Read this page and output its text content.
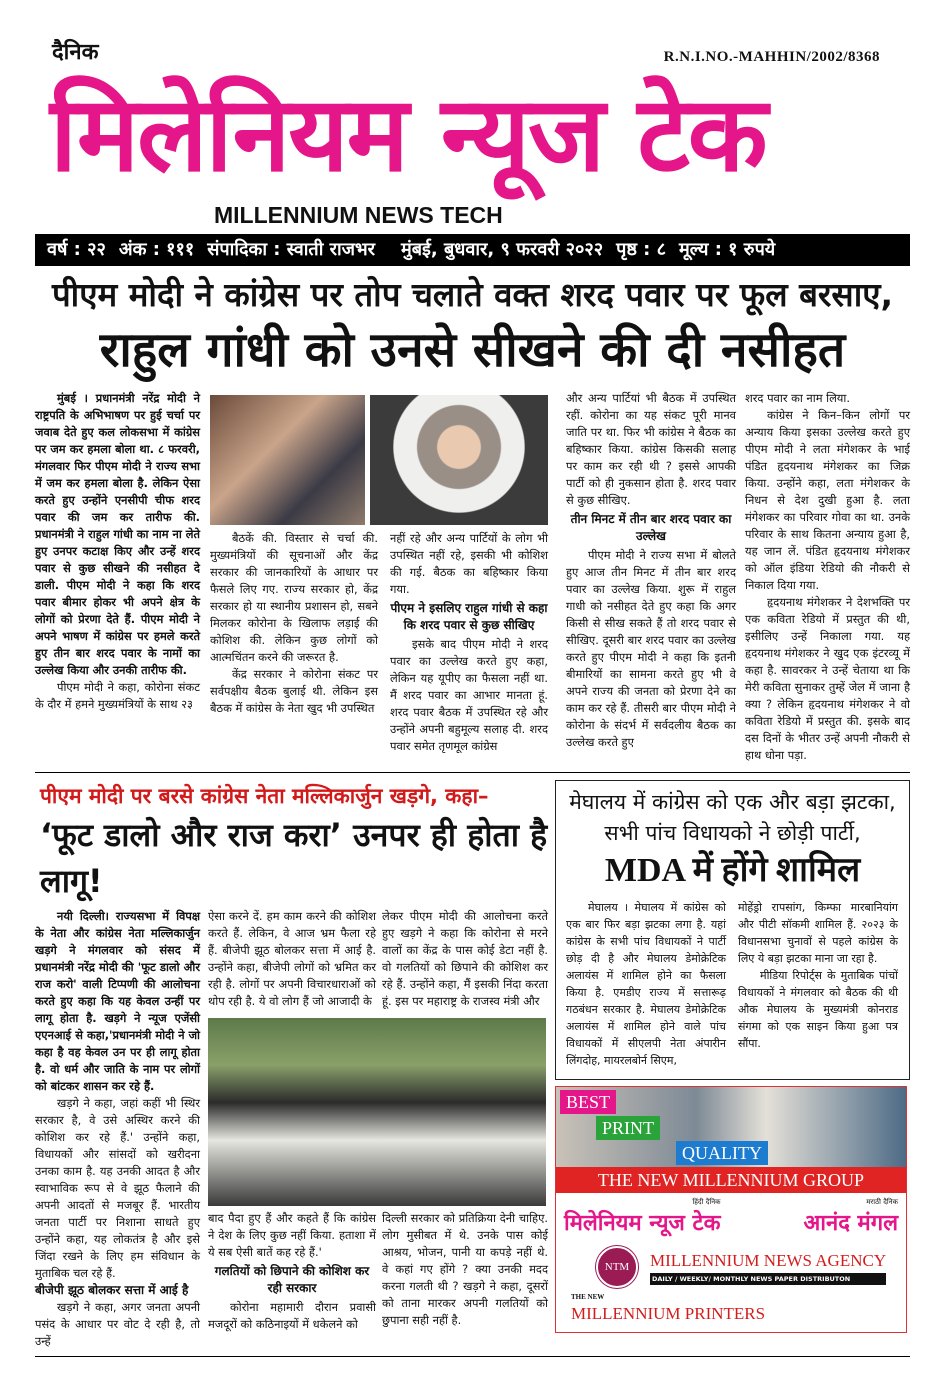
दैनिक	R.N.I.NO.-MAHHIN/2002/8368
मिलेनियम न्यूज टेक
MILLENNIUM NEWS TECH
वर्ष : २२ अंक : १११ संपादिका : स्वाती राजभर मुंबई, बुधवार, ९ फरवरी २०२२ पृष्ठ : ८ मूल्य : १ रुपये
पीएम मोदी ने कांग्रेस पर तोप चलाते वक्त शरद पवार पर फूल बरसाए,
राहुल गांधी को उनसे सीखने की दी नसीहत

मुंबई । प्रधानमंत्री नरेंद्र मोदी ने राष्ट्रपति के अभिभाषण पर हुई चर्चा पर जवाब देते हुए कल लोकसभा में कांग्रेस पर जम कर हमला बोला था. ८ फरवरी, मंगलवार फिर पीएम मोदी ने राज्य सभा में जम कर हमला बोला है. लेकिन ऐसा करते हुए उन्होंने एनसीपी चीफ शरद पवार की जम कर तारीफ की. प्रधानमंत्री ने राहुल गांधी का नाम ना लेते हुए उनपर कटाक्ष किए और उन्हें शरद पवार से कुछ सीखने की नसीहत दे डाली. पीएम मोदी ने कहा कि शरद पवार बीमार होकर भी अपने क्षेत्र के लोगों को प्रेरणा देते हैं. पीएम मोदी ने अपने भाषण में कांग्रेस पर हमले करते हुए तीन बार शरद पवार के नामों का उल्लेख किया और उनकी तारीफ की.

पीएम मोदी ने कहा, कोरोना संकट के दौर में हमने मुख्यमंत्रियों के साथ २३

बैठकें की. विस्तार से चर्चा की. मुख्यमंत्रियों की सूचनाओं और केंद्र सरकार की जानकारियों के आधार पर फैसले लिए गए. राज्य सरकार हो, केंद्र सरकार हो या स्थानीय प्रशासन हो, सबने मिलकर कोरोना के खिलाफ लड़ाई की कोशिश की. लेकिन कुछ लोगों को आत्मचिंतन करने की जरूरत है.

केंद्र सरकार ने कोरोना संकट पर सर्वपक्षीय बैठक बुलाई थी. लेकिन इस बैठक में कांग्रेस के नेता खुद भी उपस्थित

नहीं रहे और अन्य पार्टियों के लोग भी उपस्थित नहीं रहे, इसकी भी कोशिश की गई. बैठक का बहिष्कार किया गया.

पीएम ने इसलिए राहुल गांधी से कहा कि शरद पवार से कुछ सीखिए

इसके बाद पीएम मोदी ने शरद पवार का उल्लेख करते हुए कहा, लेकिन यह यूपीए का फैसला नहीं था. मैं शरद पवार का आभार मानता हूं. शरद पवार बैठक में उपस्थित रहे और उन्होंने अपनी बहुमूल्य सलाह दी. शरद पवार समेत तृणमूल कांग्रेस

और अन्य पार्टियां भी बैठक में उपस्थित रहीं. कोरोना का यह संकट पूरी मानव जाति पर था. फिर भी कांग्रेस ने बैठक का बहिष्कार किया. कांग्रेस किसकी सलाह पर काम कर रही थी ? इससे आपकी पार्टी को ही नुकसान होता है. शरद पवार से कुछ सीखिए.

तीन मिनट में तीन बार शरद पवार का उल्लेख

पीएम मोदी ने राज्य सभा में बोलते हुए आज तीन मिनट में तीन बार शरद पवार का उल्लेख किया. शुरू में राहुल गाधी को नसीहत देते हुए कहा कि अगर किसी से सीख सकते हैं तो शरद पवार से सीखिए. दूसरी बार शरद पवार का उल्लेख करते हुए पीएम मोदी ने कहा कि इतनी बीमारियों का सामना करते हुए भी वे अपने राज्य की जनता को प्रेरणा देने का काम कर रहे हैं. तीसरी बार पीएम मोदी ने कोरोना के संदर्भ में सर्वदलीय बैठक का उल्लेख करते हुए

शरद पवार का नाम लिया.

कांग्रेस ने किन–किन लोगों पर अन्याय किया इसका उल्लेख करते हुए पीएम मोदी ने लता मंगेशकर के भाई पंडित हृदयनाथ मंगेशकर का जिक्र किया. उन्होंने कहा, लता मंगेशकर के निधन से देश दुखी हुआ है. लता मंगेशकर का परिवार गोवा का था. उनके परिवार के साथ कितना अन्याय हुआ है, यह जान लें. पंडित हृदयनाथ मंगेशकर को ऑल इंडिया रेडियो की नौकरी से निकाल दिया गया.

हृदयनाथ मंगेशकर ने देशभक्ति पर एक कविता रेडियो में प्रस्तुत की थी, इसीलिए उन्हें निकाला गया. यह हृदयनाथ मंगेशकर ने खुद एक इंटरव्यू में कहा है. सावरकर ने उन्हें चेताया था कि मेरी कविता सुनाकर तुम्हें जेल में जाना है क्या ? लेकिन हृदयनाथ मंगेशकर ने वो कविता रेडियो में प्रस्तुत की. इसके बाद दस दिनों के भीतर उन्हें अपनी नौकरी से हाथ धोना पड़ा.

पीएम मोदी पर बरसे कांग्रेस नेता मल्लिकार्जुन खड़गे, कहा–
‘फूट डालो और राज करा’ उनपर ही होता है लागू!

नयी दिल्ली। राज्यसभा में विपक्ष के नेता और कांग्रेस नेता मल्लिकार्जुन खड़गे ने मंगलवार को संसद में प्रधानमंत्री नरेंद्र मोदी की 'फूट डालो और राज करो' वाली टिप्पणी की आलोचना करते हुए कहा कि यह केवल उन्हीं पर लागू होता है. खड़गे ने न्यूज एजेंसी एएनआई से कहा,'प्रधानमंत्री मोदी ने जो कहा है वह केवल उन पर ही लागू होता है. वो धर्म और जाति के नाम पर लोगों को बांटकर शासन कर रहे हैं.

खड़गे ने कहा, जहां कहीं भी स्थिर सरकार है, वे उसे अस्थिर करने की कोशिश कर रहे हैं.' उन्होंने कहा, विधायकों और सांसदों को खरीदना उनका काम है. यह उनकी आदत है और स्वाभाविक रूप से वे झूठ फैलाने की अपनी आदतों से मजबूर हैं. भारतीय जनता पार्टी पर निशाना साधते हुए उन्होंने कहा, यह लोकतंत्र है और इसे जिंदा रखने के लिए हम संविधान के मुताबिक चल रहे हैं.

बीजेपी झूठ बोलकर सत्ता में आई है

खड़गे ने कहा, अगर जनता अपनी पसंद के आधार पर वोट दे रही है, तो उन्हें

ऐसा करने दें. हम काम करने की कोशिश करते हैं. लेकिन, वे आज भ्रम फैला रहे हैं. बीजेपी झूठ बोलकर सत्ता में आई है. उन्होंने कहा, बीजेपी लोगों को भ्रमित कर रही है. लोगों पर अपनी विचारधाराओं को थोप रही है. ये वो लोग हैं जो आजादी के

लेकर पीएम मोदी की आलोचना करते हुए खड़गे ने कहा कि कोरोना से मरने वालों का केंद्र के पास कोई डेटा नहीं है. वो गलतियों को छिपाने की कोशिश कर रहे हैं. उन्होंने कहा, मैं इसकी निंदा करता हूं. इस पर महाराष्ट्र के राजस्व मंत्री और

बाद पैदा हुए हैं और कहते हैं कि कांग्रेस ने देश के लिए कुछ नहीं किया. हताशा में ये सब ऐसी बातें कह रहे हैं.'

गलतियों को छिपाने की कोशिश कर रही सरकार

कोरोना महामारी दौरान प्रवासी मजदूरों को कठिनाइयों में धकेलने को

दिल्ली सरकार को प्रतिक्रिया देनी चाहिए. लोग मुसीबत में थे. उनके पास कोई आश्रय, भोजन, पानी या कपड़े नहीं थे. वे कहां गए होंगे ? क्या उनकी मदद करना गलती थी ? खड़गे ने कहा, दूसरों को ताना मारकर अपनी गलतियों को छुपाना सही नहीं है.

मेघालय में कांग्रेस को एक और बड़ा झटका,
सभी पांच विधायको ने छोड़ी पार्टी,
MDA में होंगे शामिल

मेघालय । मेघालय में कांग्रेस को एक बार फिर बड़ा झटका लगा है. यहां कांग्रेस के सभी पांच विधायकों ने पार्टी छोड़ दी है और मेघालय डेमोक्रेटिक अलायंस में शामिल होने का फैसला किया है. एमडीए राज्य में सत्तारूढ़ गठबंधन सरकार है. मेघालय डेमोक्रेटिक अलायंस में शामिल होने वाले पांच विधायकों में सीएलपी नेता अंपारीन लिंगदोह, मायरलबोर्न सिएम,

मोहेंड्रो रापसांग, किम्फा मारबानियांग और पीटी सॉकमी शामिल हैं. २०२३ के विधानसभा चुनावों से पहले कांग्रेस के लिए ये बड़ा झटका माना जा रहा है.

मीडिया रिपोर्ट्स के मुताबिक पांचों विधायकों ने मंगलवार को बैठक की थी औक मेघालय के मुख्यमंत्री कोनराड संगमा को एक साइन किया हुआ पत्र सौंपा.

BEST
PRINT
QUALITY
THE NEW MILLENNIUM GROUP
हिंदी दैनिक
मिलेनियम न्यूज टेक
मराठी दैनिक
आनंद मंगल
NTM	MILLENNIUM NEWS AGENCY
DAILY / WEEKLY/ MONTHLY NEWS PAPER DISTRIBUTON
THE NEW
MILLENNIUM PRINTERS
